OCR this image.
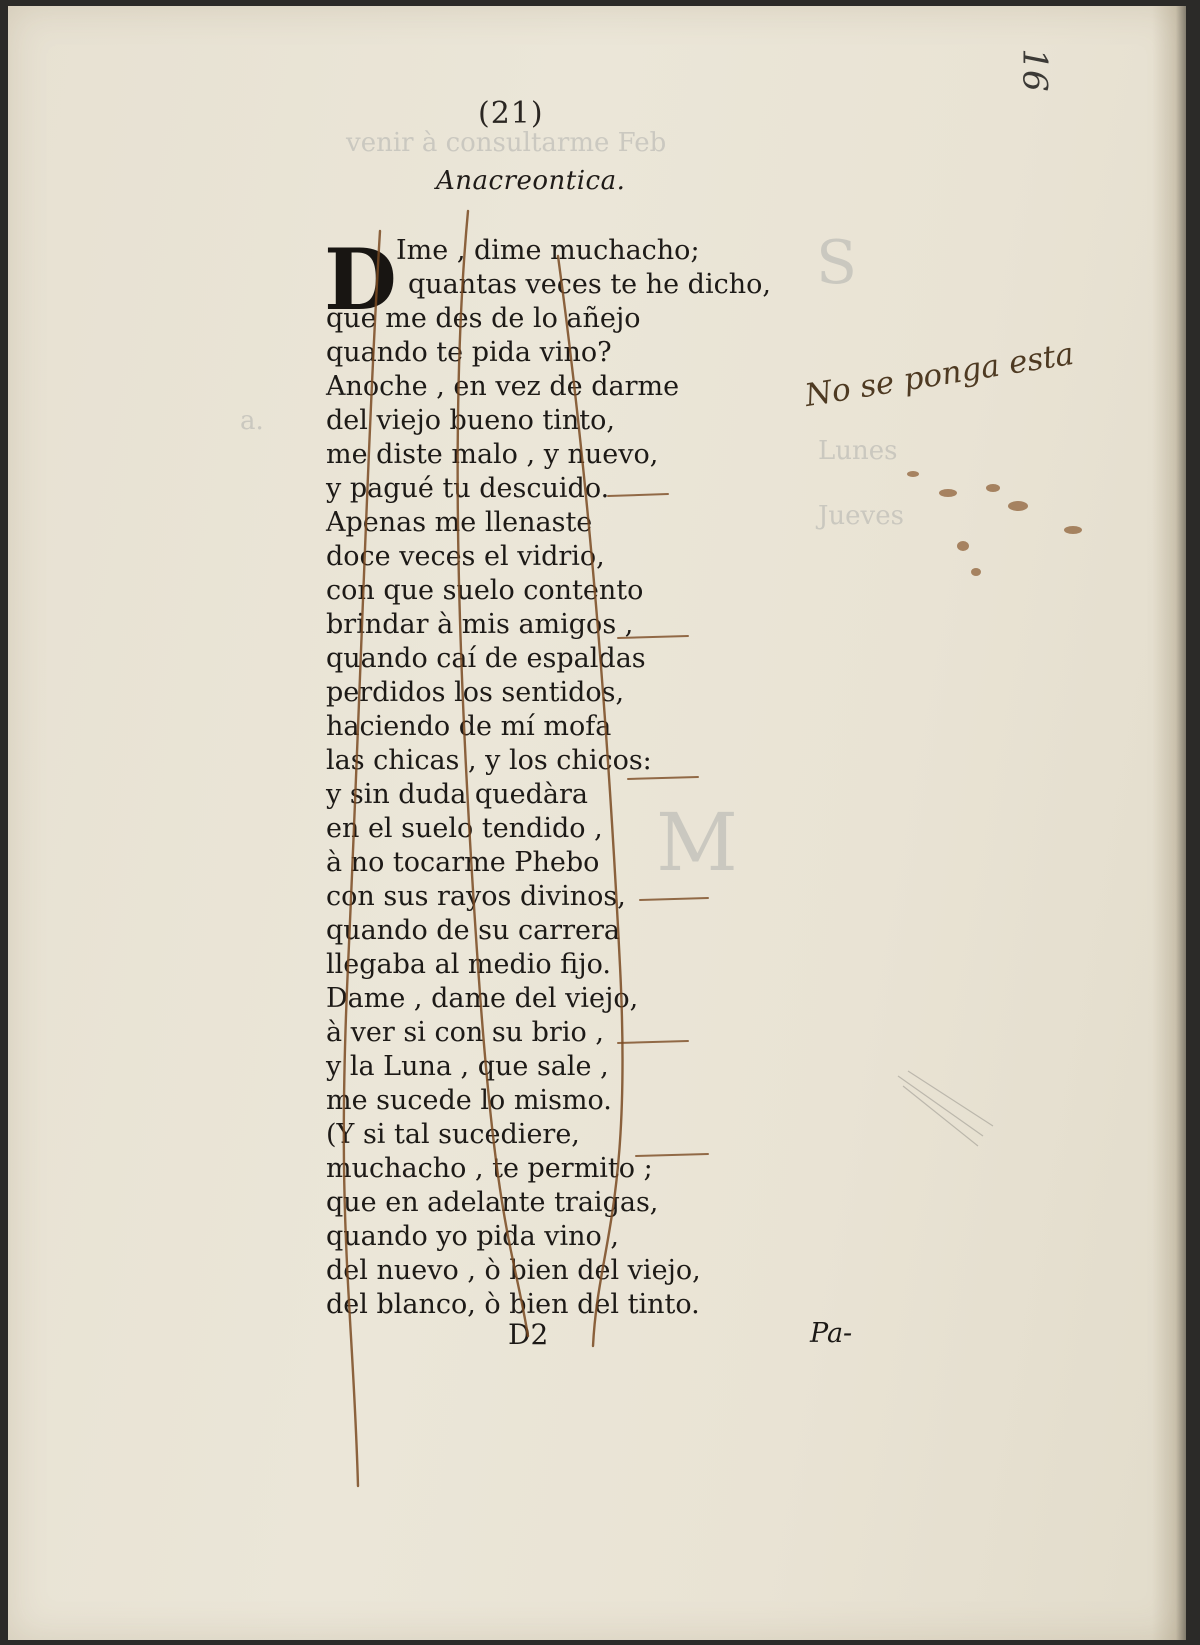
venir à consultarme Feb
S
a.
Lunes
Jueves
M
(21)
Anacreontica.
D Ime , dime muchacho;
quantas veces te he dicho,
que me des de lo añejo
quando te pida vino?
Anoche , en vez de darme
del viejo bueno tinto,
me diste malo , y nuevo,
y pagué tu descuido.
Apenas me llenaste
doce veces el vidrio,
con que suelo contento
brindar à mis amigos ,
quando caí de espaldas
perdidos los sentidos,
haciendo de mí mofa
las chicas , y los chicos:
y sin duda quedàra
en el suelo tendido ,
à no tocarme Phebo
con sus rayos divinos,
quando de su carrera
llegaba al medio fijo.
Dame , dame del viejo,
à ver si con su brio ,
y la Luna , que sale ,
me sucede lo mismo.
(Y si tal sucediere,
muchacho , te permito ;
que en adelante traigas,
quando yo pida vino ,
del nuevo , ò bien del viejo,
del blanco, ò bien del tinto.
D2	Pa-
No se ponga esta
16
